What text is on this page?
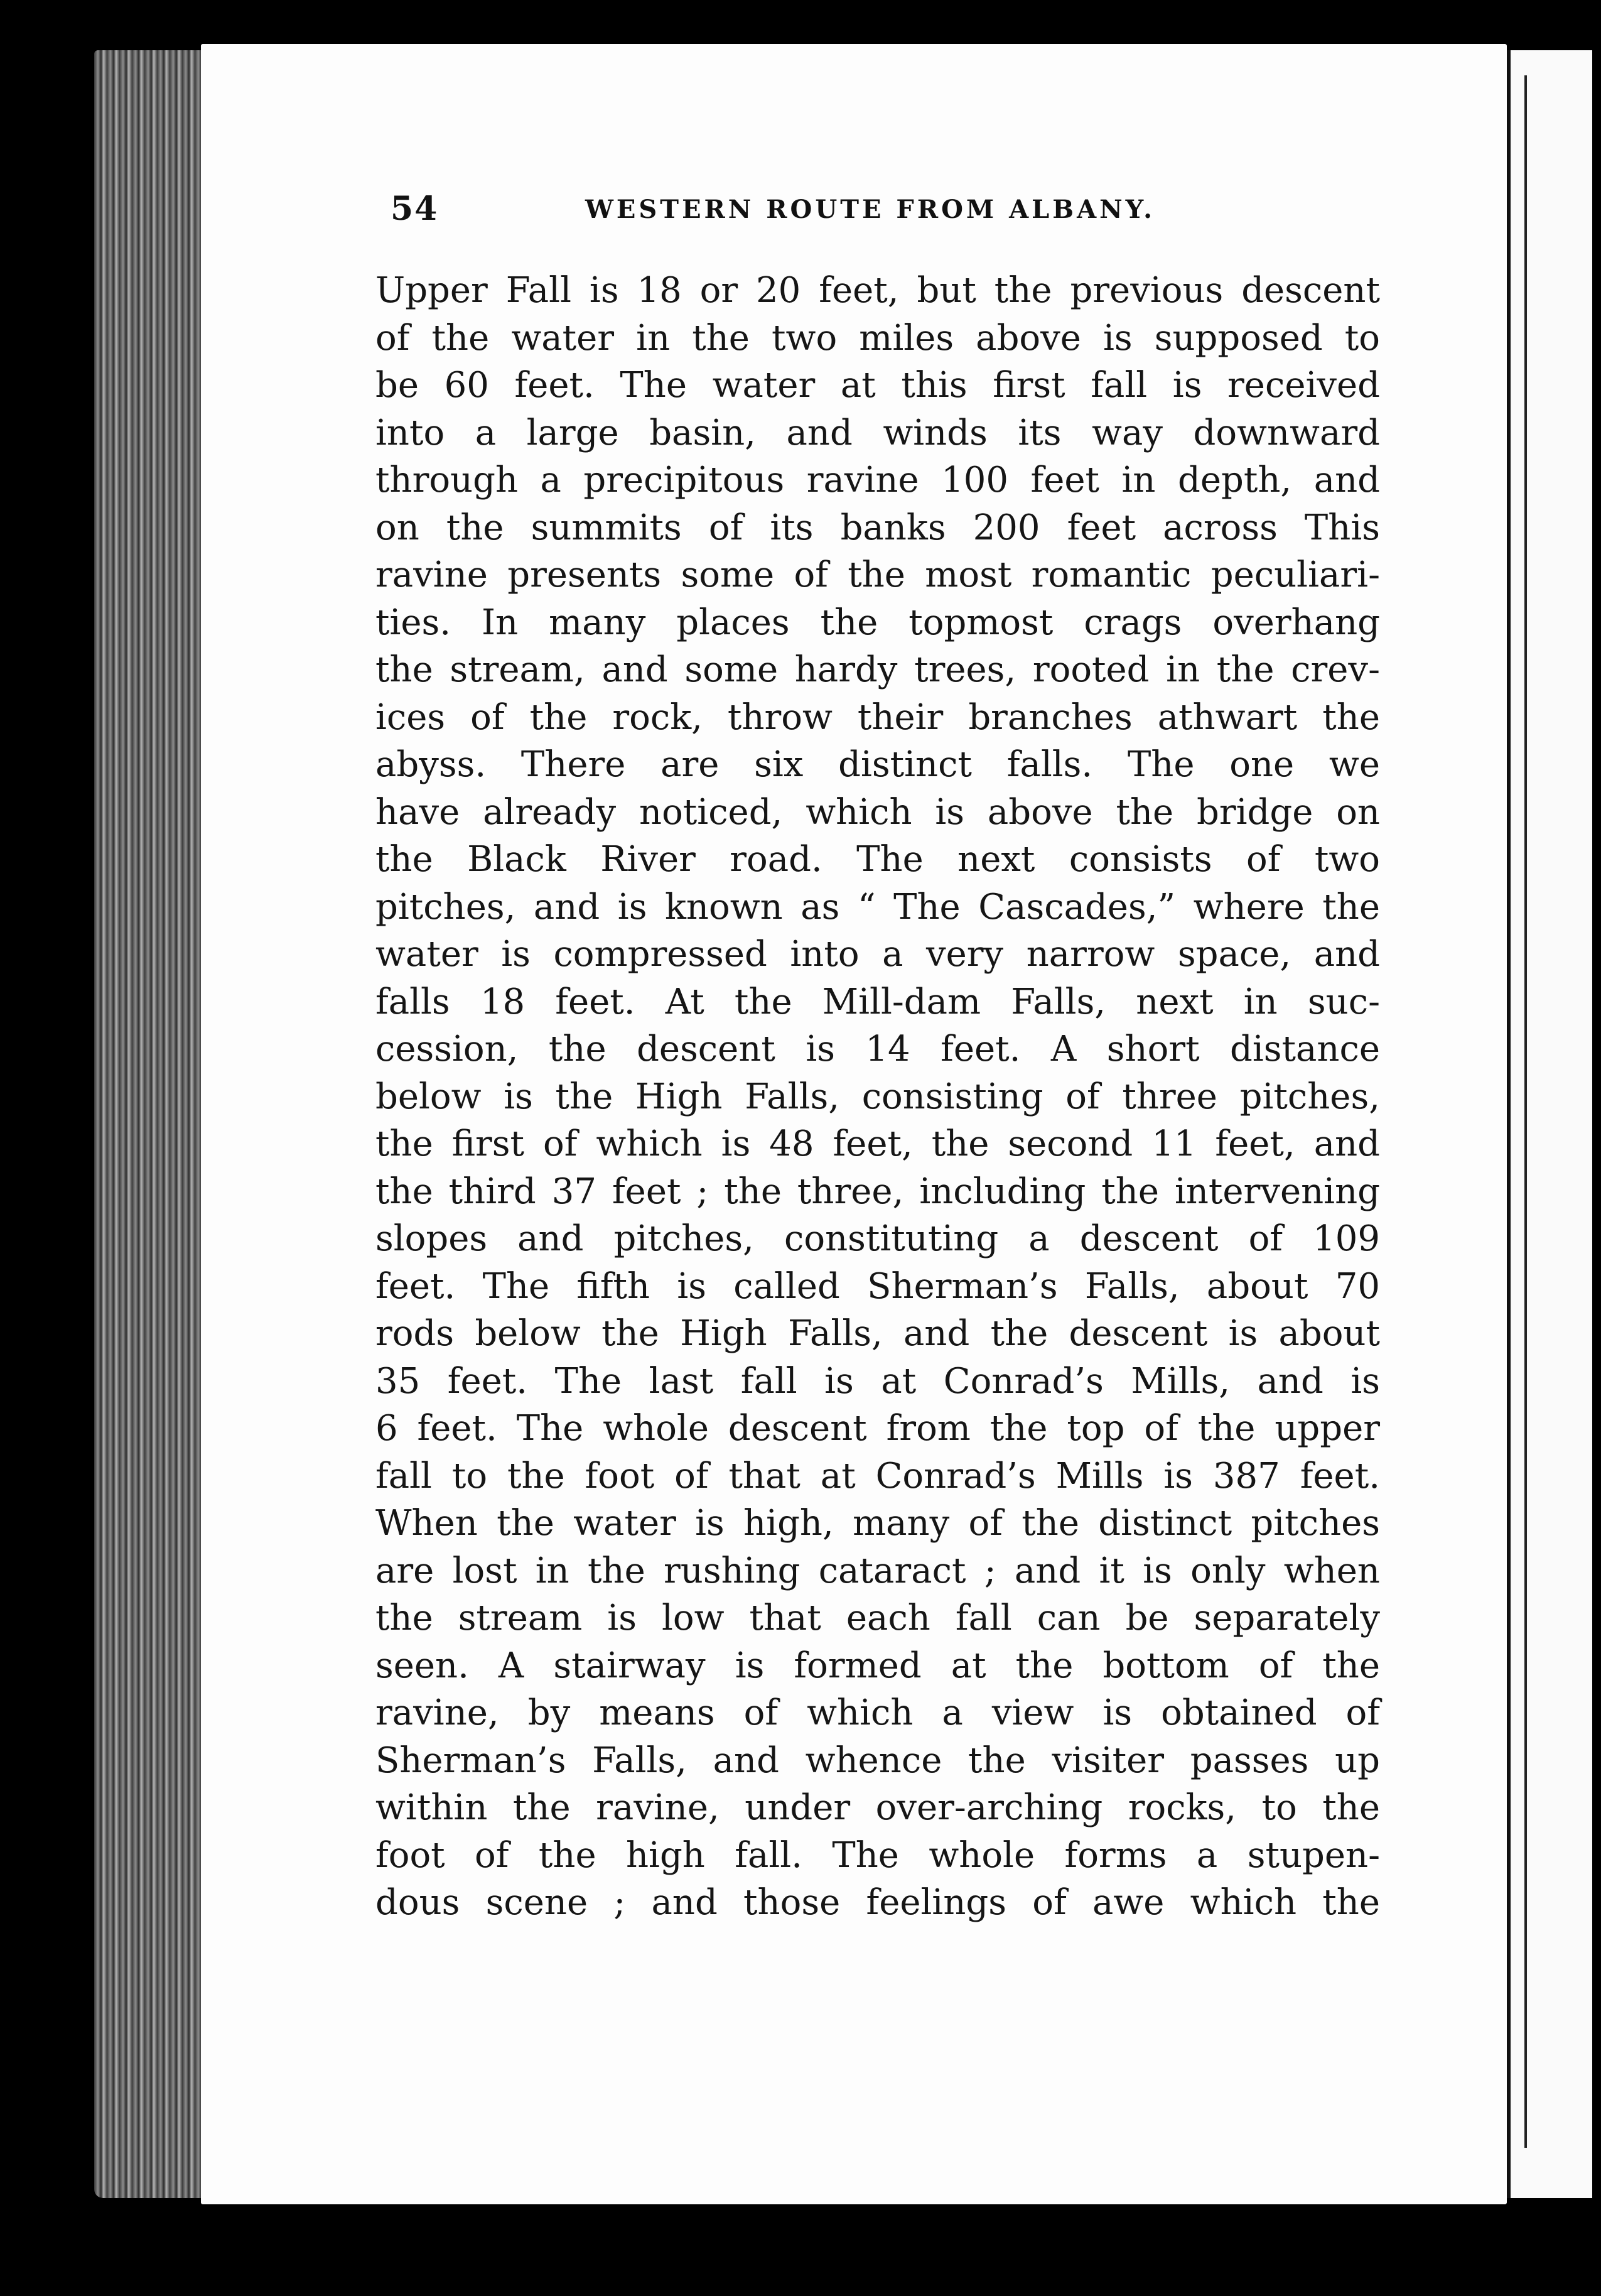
54	WESTERN ROUTE FROM ALBANY.
Upper Fall is 18 or 20 feet, but the previous descent
of the water in the two miles above is supposed to
be 60 feet. The water at this first fall is received
into a large basin, and winds its way downward
through a precipitous ravine 100 feet in depth, and
on the summits of its banks 200 feet across This
ravine presents some of the most romantic peculiari-
ties. In many places the topmost crags overhang
the stream, and some hardy trees, rooted in the crev-
ices of the rock, throw their branches athwart the
abyss. There are six distinct falls. The one we
have already noticed, which is above the bridge on
the Black River road. The next consists of two
pitches, and is known as “ The Cascades,” where the
water is compressed into a very narrow space, and
falls 18 feet. At the Mill-dam Falls, next in suc-
cession, the descent is 14 feet. A short distance
below is the High Falls, consisting of three pitches,
the first of which is 48 feet, the second 11 feet, and
the third 37 feet ; the three, including the intervening
slopes and pitches, constituting a descent of 109
feet. The fifth is called Sherman’s Falls, about 70
rods below the High Falls, and the descent is about
35 feet. The last fall is at Conrad’s Mills, and is
6 feet. The whole descent from the top of the upper
fall to the foot of that at Conrad’s Mills is 387 feet.
When the water is high, many of the distinct pitches
are lost in the rushing cataract ; and it is only when
the stream is low that each fall can be separately
seen. A stairway is formed at the bottom of the
ravine, by means of which a view is obtained of
Sherman’s Falls, and whence the visiter passes up
within the ravine, under over-arching rocks, to the
foot of the high fall. The whole forms a stupen-
dous scene ; and those feelings of awe which the
